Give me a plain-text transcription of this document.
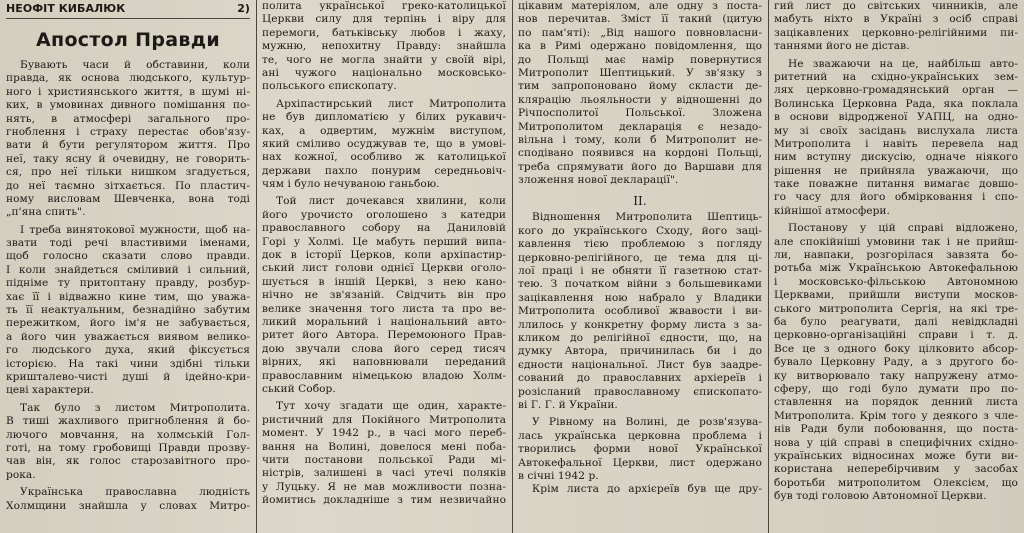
НЕОФІТ КИБАЛЮК	2)
Апостол Правди
Бувають часи й обставини, коли
правда, як основа людського, культур-
ного і християнського життя, в шумі ні-
ких, в умовинах дивного помішання по-
нять, в атмосфері загального про-
гноблення і страху перестає обов'язу-
вати й бути регулятором життя. Про
неї, таку ясну й очевидну, не говорить-
ся, про неї тільки нишком згадується,
до неї таємно зітхається. По пластич-
ному висловам Шевченка, вона тоді
„п'яна спить".
І треба винятокової мужности, щоб на-
звати тоді речі властивими іменами,
щоб голосно сказати слово правди.
І коли знайдеться сміливий і сильний,
підніме ту притоптану правду, розбур-
хає її і відважно кине тим, що уважа-
ть її неактуальним, безнадійно забутим
пережитком, його ім'я не забувається,
а його чин уважається виявом велико-
го людського духа, який фіксується
історією. На такі чини здібні тільки
кришталево-чисті душі й ідейно-кри-
цеві характери.
Так було з листом Митрополита.
В тиші жахливого пригноблення й бо-
лючого мовчання, на холмській Гол-
готі, на тому гробовищі Правди прозву-
чав він, як голос старозавітного про-
рока.
Українська православна людність
Холмщини знайшла у словах Митро-
полита української греко-католицької
Церкви силу для терпінь і віру для
перемоги, батьківську любов і жаху,
мужню, непохитну Правду: знайшла
те, чого не могла знайти у своїй вірі,
ані чужого національно московсько-
польського єпископату.
Архіпастирський лист Митрополита
не був дипломатією у білих рукавич-
ках, а одвертим, мужнім виступом,
який сміливо осуджував те, що в умові-
нах кожної, особливо ж католицької
держави пахло понурим середньовіч-
чям і було нечуваною ганьбою.
Той лист дочекався хвилини, коли
його урочисто оголошено з катедри
православного собору на Даниловій
Горі у Холмі. Це мабуть перший випа-
док в історії Церков, коли архіпастир-
ський лист голови однієї Церкви оголо-
шується в іншій Церкві, з нею кано-
нічно не зв'язаній. Свідчить він про
велике значення того листа та про ве-
ликий моральний і національний авто-
ритет його Автора. Перемоюного Прав-
дою звучали слова його серед тисяч
вірних, які наповнювали переданий
православним німецькою владою Холм-
ський Собор.
Тут хочу згадати ще один, характе-
ристичний для Покійного Митрополита
момент. У 1942 р., в часі мого переб-
вання на Волині, довелося мені поба-
чити постанови польської Ради мі-
ністрів, залишені в часі утечі поляків
у Луцьку. Я не мав можливости позна-
йомитись докладніше з тим незвичайно
цікавим матеріялом, але одну з поста-
нов перечитав. Зміст її такий (цитую
по пам'яті): „Від нашого повновласни-
ка в Римі одержано повідомлення, що
до Польщі має намір повернутися
Митрополит Шептицький. У зв'язку з
тим запропоновано йому скласти де-
клярацію льояльности у відношенні до
Річпосполитої Польської. Зложена
Митрополитом декларація є незадо-
вільна і тому, коли б Митрополит не-
сподівано появився на кордоні Польщі,
треба спрямувати його до Варшави для
зложення нової декларації".
II.
Відношення Митрополита Шептиць-
кого до українського Сходу, його заці-
кавлення тією проблемою з погляду
церковно-релігійного, це тема для ці-
лої праці і не обняти її газетною стат-
тею. З початком війни з большевиками
зацікавлення ною набрало у Владики
Митрополита особливої жвавости і ви-
ллилось у конкретну форму листа з за-
кликом до релігійної єдности, що, на
думку Автора, причинилась би і до
єдности національної. Лист був заадре-
сований до православних архіереїв і
розісланий православному єпископато-
ві Г. Г. й України.
У Рівному на Волині, де розв'язува-
лась українська церковна проблема і
творились форми нової Української
Автокефальної Церкви, лист одержано
в січні 1942 р.
Крім листа до архієреїв був ще дру-
гий лист до світських чинників, але
мабуть ніхто в Україні з осіб справі
зацікавлених церковно-релігійними пи-
таннями його не дістав.
Не зважаючи на це, найбільш авто-
ритетний на східно-українських зем-
лях церковно-громадянський орган —
Волинська Церковна Рада, яка поклала
в основи відродженої УАПЦ, на одно-
му зі своїх засідань вислухала листа
Митрополита і навіть перевела над
ним вступну дискусію, одначе ніякого
рішення не прийняла уважаючи, що
таке поважне питання вимагає довшо-
го часу для його обмірковання і спо-
кійнішої атмосфери.
Постанову у цій справі відложено,
але спокійніші умовини так і не прийш-
ли, навпаки, розгорілася завзята бо-
ротьба між Українською Автокефальною
і московсько-фільською Автономною
Церквами, прийшли виступи москов-
ського митрополита Сергія, на які тре-
ба було реагувати, далі невідкладні
церковно-організаційні справи і т. д.
Все це з одного боку цілковито абсор-
бувало Церковну Раду, а з другого бо-
ку витворювало таку напружену атмо-
сферу, що годі було думати про по-
ставлення на порядок денний листа
Митрополита. Крім того у деякого з чле-
нів Ради були побоювання, що поста-
нова у цій справі в специфічних східно-
українських відносинах може бути ви-
користана неперебірчивим у засобах
боротьби митрополитом Олексієм, що
був тоді головою Автономної Церкви.
